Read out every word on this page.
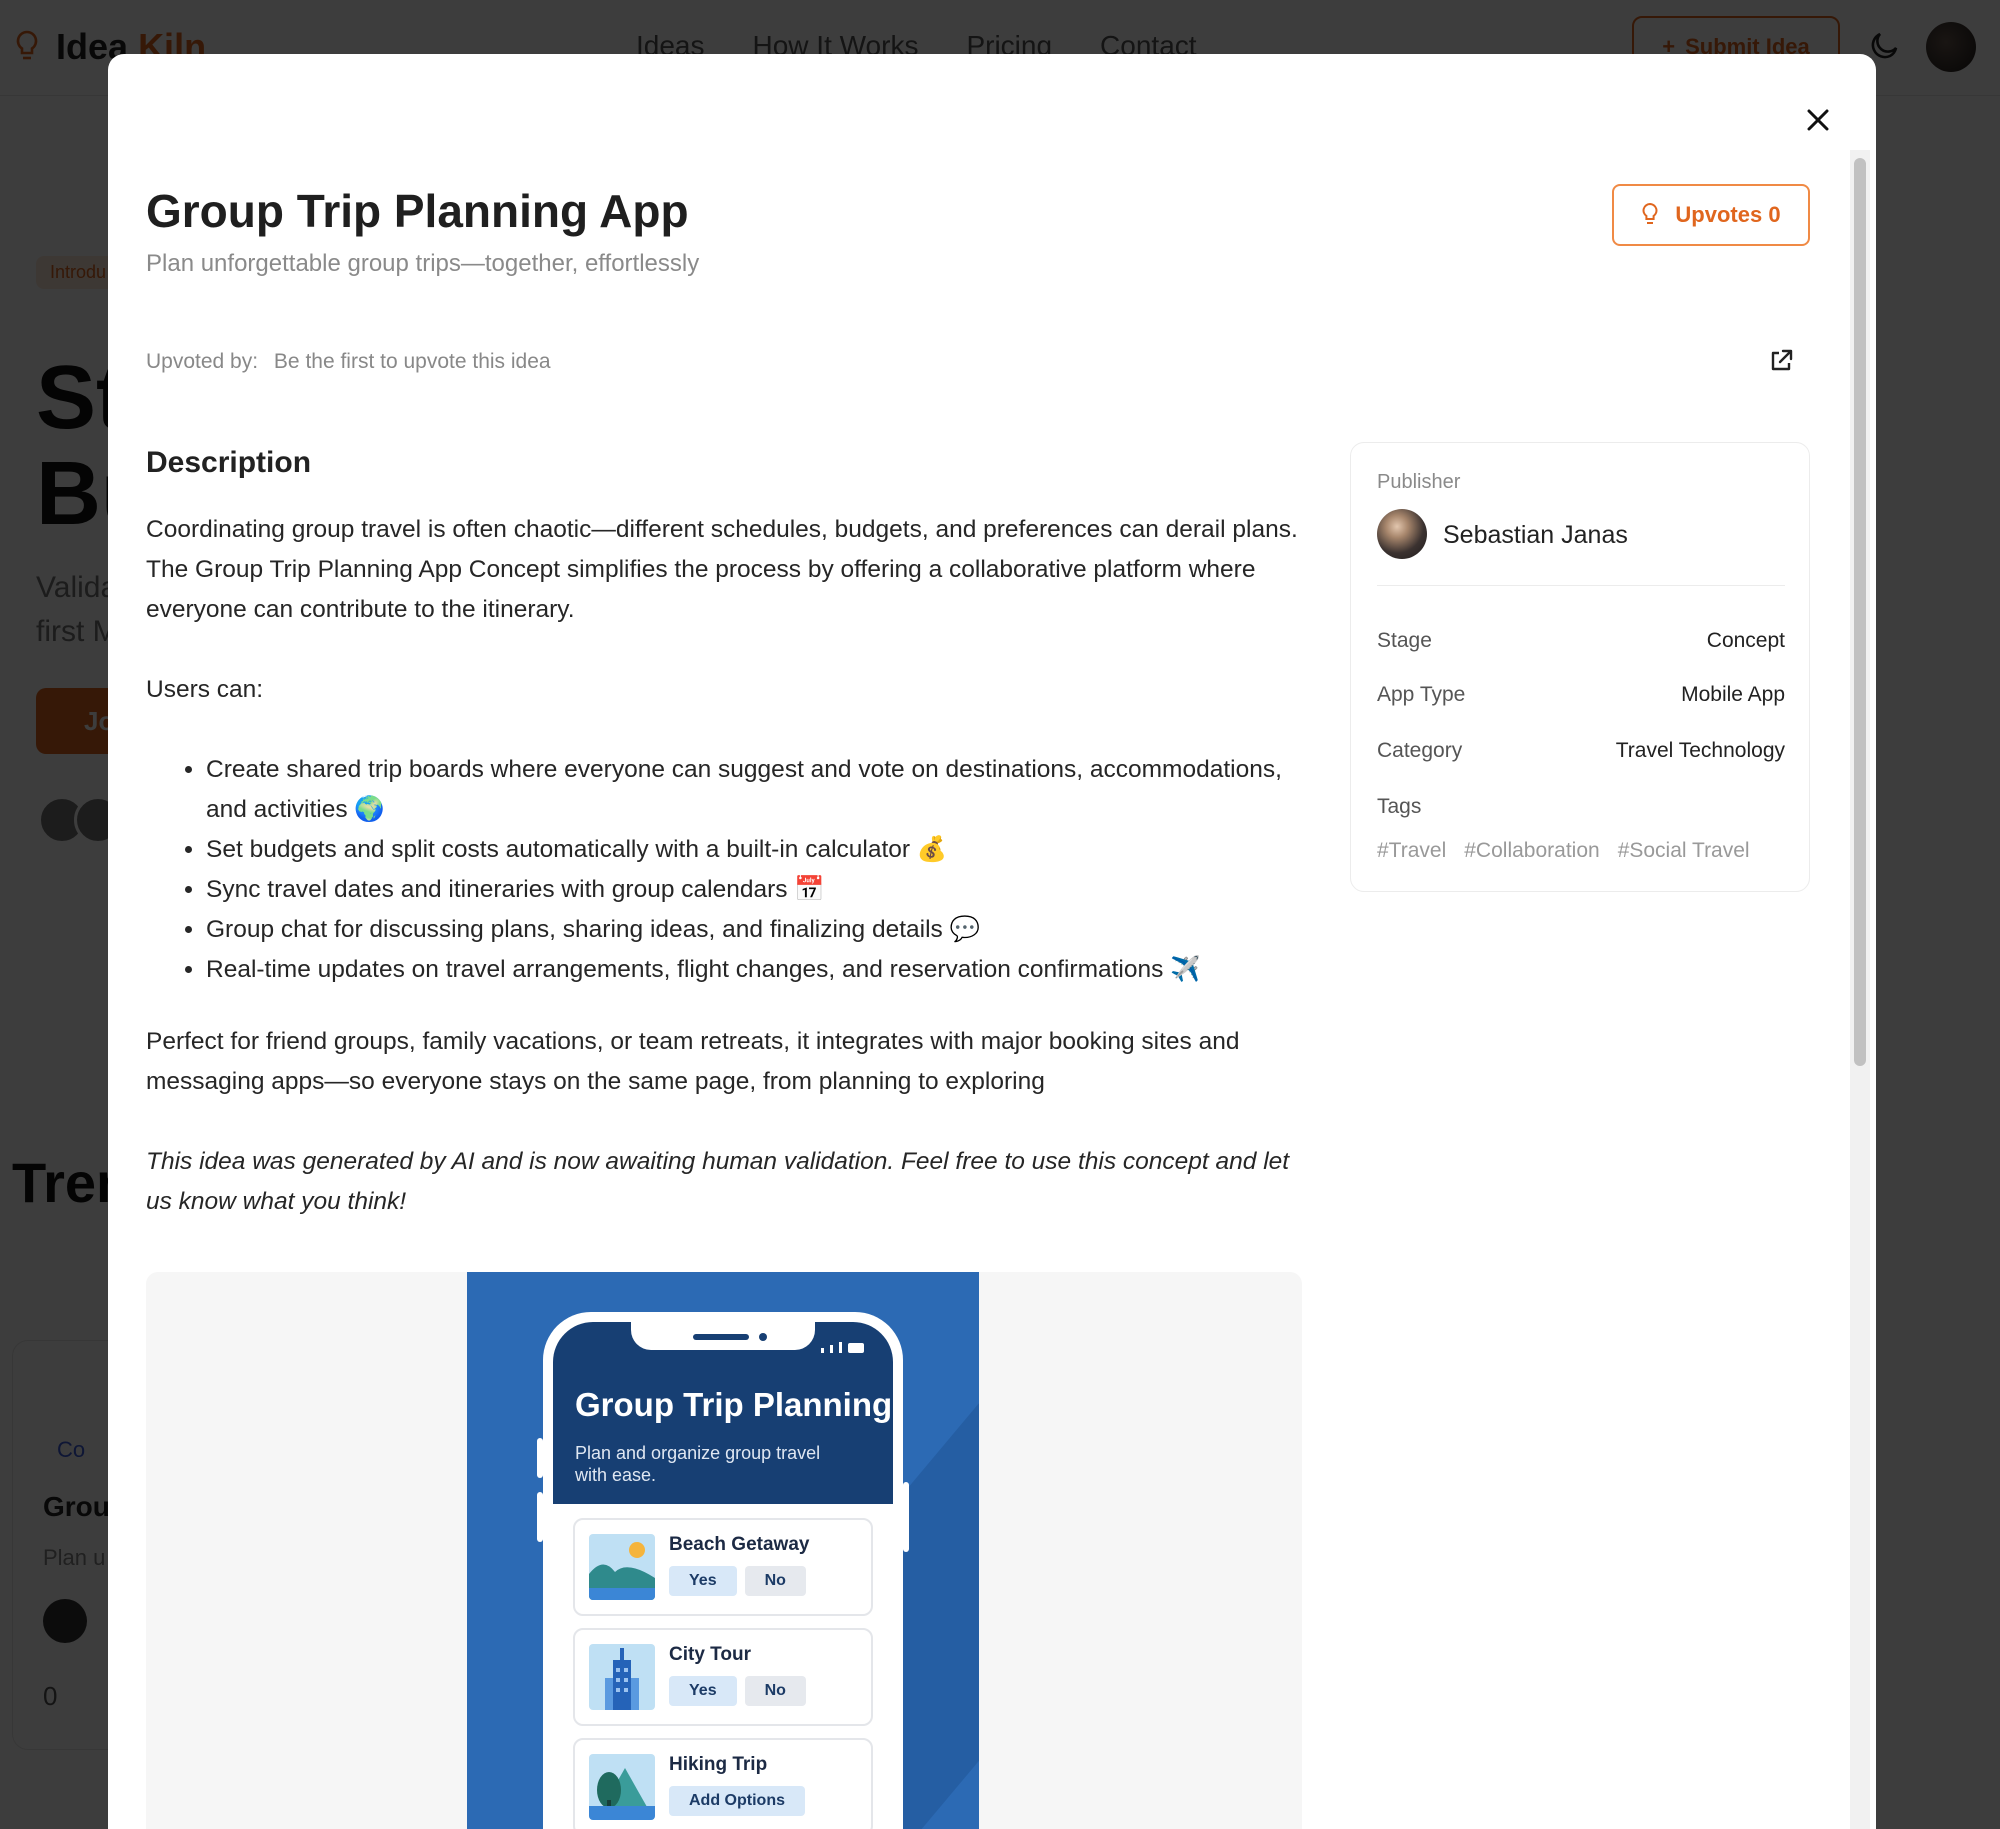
Group Trip Planning App
Plan unforgettable group trips—together, effortlessly
Upvotes 0
Upvoted by: Be the first to upvote this idea
Description

Coordinating group travel is often chaotic—different schedules, budgets, and preferences can derail plans. The Group Trip Planning App Concept simplifies the process by offering a collaborative platform where everyone can contribute to the itinerary.

Users can:

• Create shared trip boards where everyone can suggest and vote on destinations, accommodations, and activities 🌍
• Set budgets and split costs automatically with a built-in calculator 💰
• Sync travel dates and itineraries with group calendars 📅
• Group chat for discussing plans, sharing ideas, and finalizing details 💬
• Real-time updates on travel arrangements, flight changes, and reservation confirmations ✈️

Perfect for friend groups, family vacations, or team retreats, it integrates with major booking sites and messaging apps—so everyone stays on the same page, from planning to exploring

This idea was generated by AI and is now awaiting human validation. Feel free to use this concept and let us know what you think!

Group Trip Planning
Plan and organize group travel with ease.
Beach Getaway
Yes	No
City Tour
Yes	No
Hiking Trip
Add Options
Publisher
Sebastian Janas
Stage	Concept
App Type	Mobile App
Category	Travel Technology
Tags
#Travel #Collaboration #Social Travel
